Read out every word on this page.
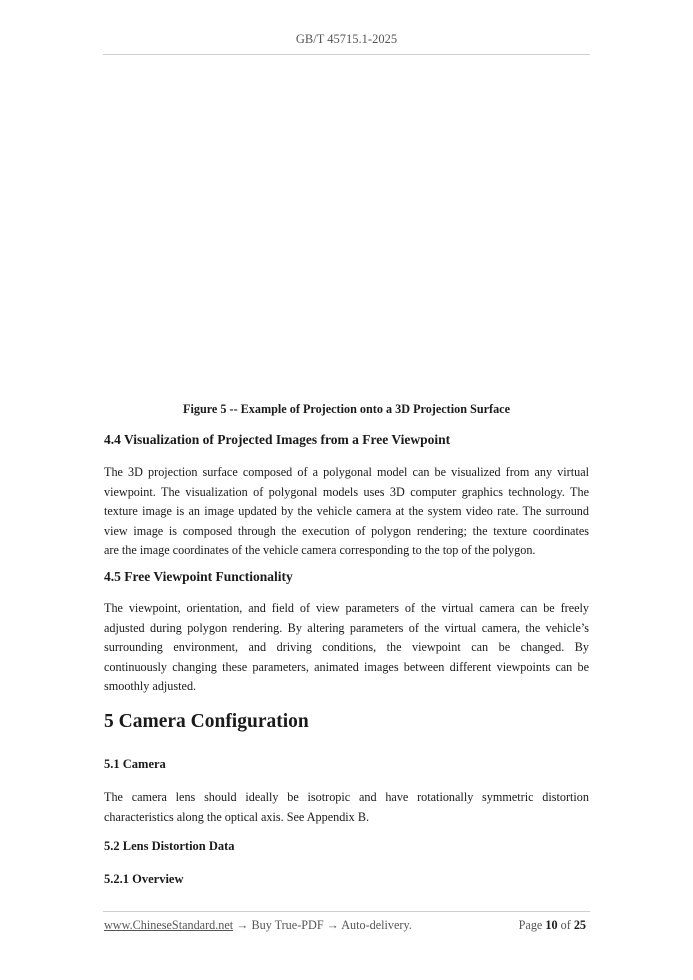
GB/T 45715.1-2025
Figure 5 -- Example of Projection onto a 3D Projection Surface
4.4 Visualization of Projected Images from a Free Viewpoint
The 3D projection surface composed of a polygonal model can be visualized from any virtual
viewpoint. The visualization of polygonal models uses 3D computer graphics technology. The
texture image is an image updated by the vehicle camera at the system video rate. The surround
view image is composed through the execution of polygon rendering; the texture coordinates
are the image coordinates of the vehicle camera corresponding to the top of the polygon.
4.5 Free Viewpoint Functionality
The viewpoint, orientation, and field of view parameters of the virtual camera can be freely
adjusted during polygon rendering. By altering parameters of the virtual camera, the vehicle’s
surrounding environment, and driving conditions, the viewpoint can be changed. By
continuously changing these parameters, animated images between different viewpoints can be
smoothly adjusted.
5 Camera Configuration
5.1 Camera
The camera lens should ideally be isotropic and have rotationally symmetric distortion
characteristics along the optical axis. See Appendix B.
5.2 Lens Distortion Data
5.2.1 Overview
www.ChineseStandard.net → Buy True-PDF → Auto-delivery.	Page 10 of 25
